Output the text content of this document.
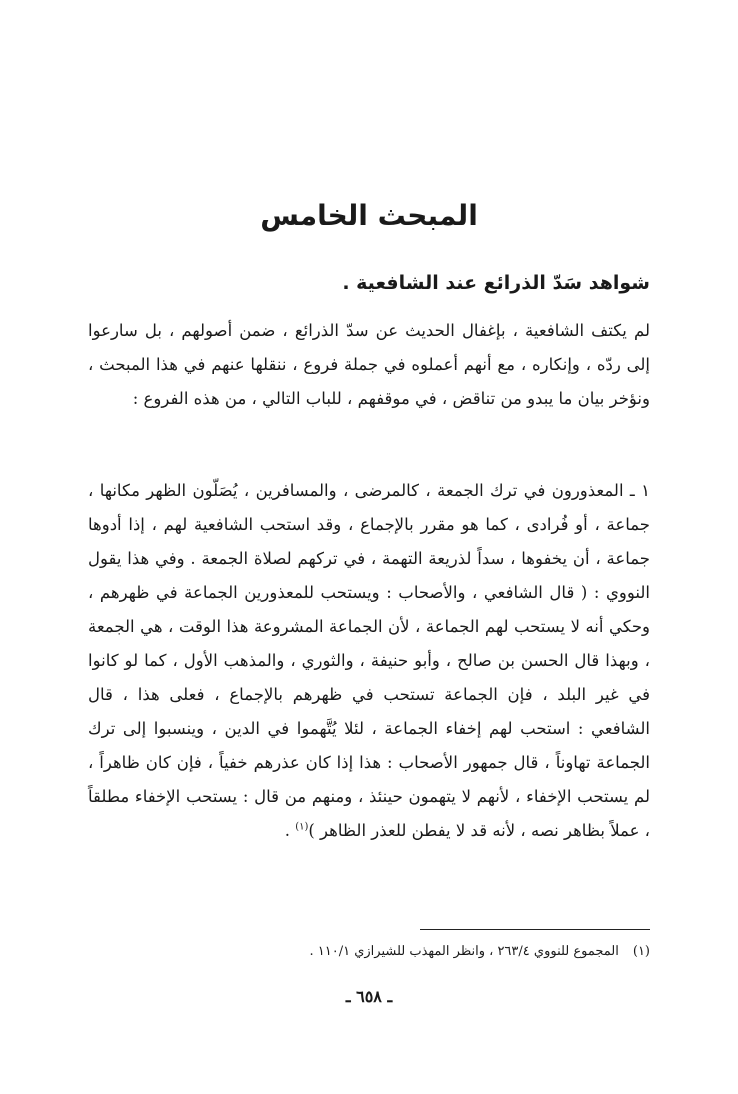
المبحث الخامس
شواهد سَدّ الذرائع عند الشافعية .

لم يكتف الشافعية ، بإغفال الحديث عن سدّ الذرائع ، ضمن أصولهم ، بل سارعوا إلى ردّه ، وإنكاره ، مع أنهم أعملوه في جملة فروع ، ننقلها عنهم في هذا المبحث ، ونؤخر بيان ما يبدو من تناقض ، في موقفهم ، للباب التالي ، من هذه الفروع :

١ ـ المعذورون في ترك الجمعة ، كالمرضى ، والمسافرين ، يُصَلّون الظهر مكانها ، جماعة ، أو فُرادى ، كما هو مقرر بالإجماع ، وقد استحب الشافعية لهم ، إذا أدوها جماعة ، أن يخفوها ، سداً لذريعة التهمة ، في تركهم لصلاة الجمعة . وفي هذا يقول النووي : ( قال الشافعي ، والأصحاب : ويستحب للمعذورين الجماعة في ظهرهم ، وحكي أنه لا يستحب لهم الجماعة ، لأن الجماعة المشروعة هذا الوقت ، هي الجمعة ، وبهذا قال الحسن بن صالح ، وأبو حنيفة ، والثوري ، والمذهب الأول ، كما لو كانوا في غير البلد ، فإن الجماعة تستحب في ظهرهم بالإجماع ، فعلى هذا ، قال الشافعي : استحب لهم إخفاء الجماعة ، لئلا يُتَّهموا في الدين ، وينسبوا إلى ترك الجماعة تهاوناً ، قال جمهور الأصحاب : هذا إذا كان عذرهم خفياً ، فإن كان ظاهراً ، لم يستحب الإخفاء ، لأنهم لا يتهمون حينئذ ، ومنهم من قال : يستحب الإخفاء مطلقاً ، عملاً بظاهر نصه ، لأنه قد لا يفطن للعذر الظاهر )$^{(١)}$ .

(١)المجموع للنووي ٢٦٣/٤ ، وانظر المهذب للشيرازي ١١٠/١ .

ـ ٦٥٨ ـ
